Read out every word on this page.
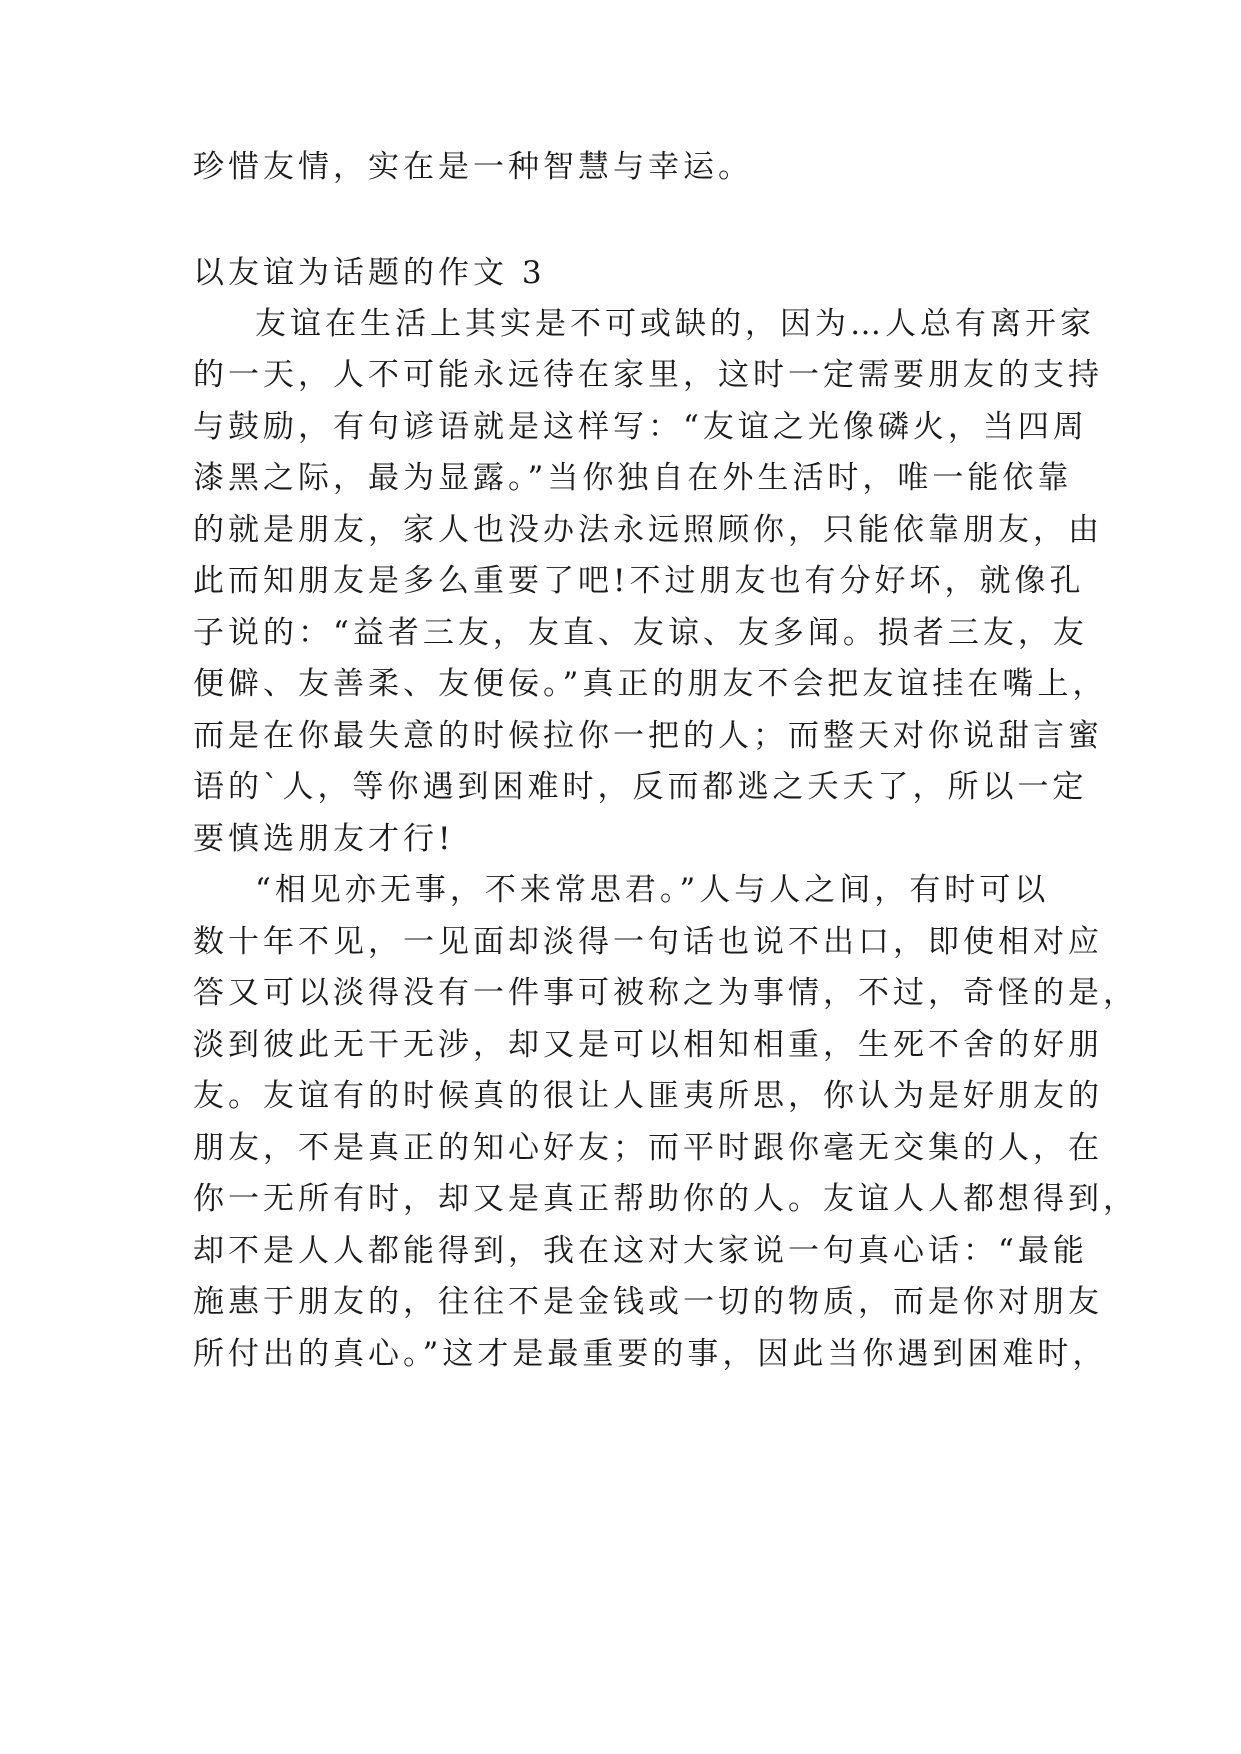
珍惜友情，实在是一种智慧与幸运。
以友谊为话题的作文 3
友谊在生活上其实是不可或缺的，因为…人总有离开家
的一天，人不可能永远待在家里，这时一定需要朋友的支持
与鼓励，有句谚语就是这样写：“友谊之光像磷火，当四周
漆黑之际，最为显露。”当你独自在外生活时，唯一能依靠
的就是朋友，家人也没办法永远照顾你，只能依靠朋友，由
此而知朋友是多么重要了吧!不过朋友也有分好坏，就像孔
子说的：“益者三友，友直、友谅、友多闻。损者三友，友
便僻、友善柔、友便佞。”真正的朋友不会把友谊挂在嘴上，
而是在你最失意的时候拉你一把的人；而整天对你说甜言蜜
语的`人，等你遇到困难时，反而都逃之夭夭了，所以一定
要慎选朋友才行!
“相见亦无事，不来常思君。”人与人之间，有时可以
数十年不见，一见面却淡得一句话也说不出口，即使相对应
答又可以淡得没有一件事可被称之为事情，不过，奇怪的是，
淡到彼此无干无涉，却又是可以相知相重，生死不舍的好朋
友。友谊有的时候真的很让人匪夷所思，你认为是好朋友的
朋友，不是真正的知心好友；而平时跟你毫无交集的人，在
你一无所有时，却又是真正帮助你的人。友谊人人都想得到，
却不是人人都能得到，我在这对大家说一句真心话：“最能
施惠于朋友的，往往不是金钱或一切的物质，而是你对朋友
所付出的真心。”这才是最重要的事，因此当你遇到困难时，
